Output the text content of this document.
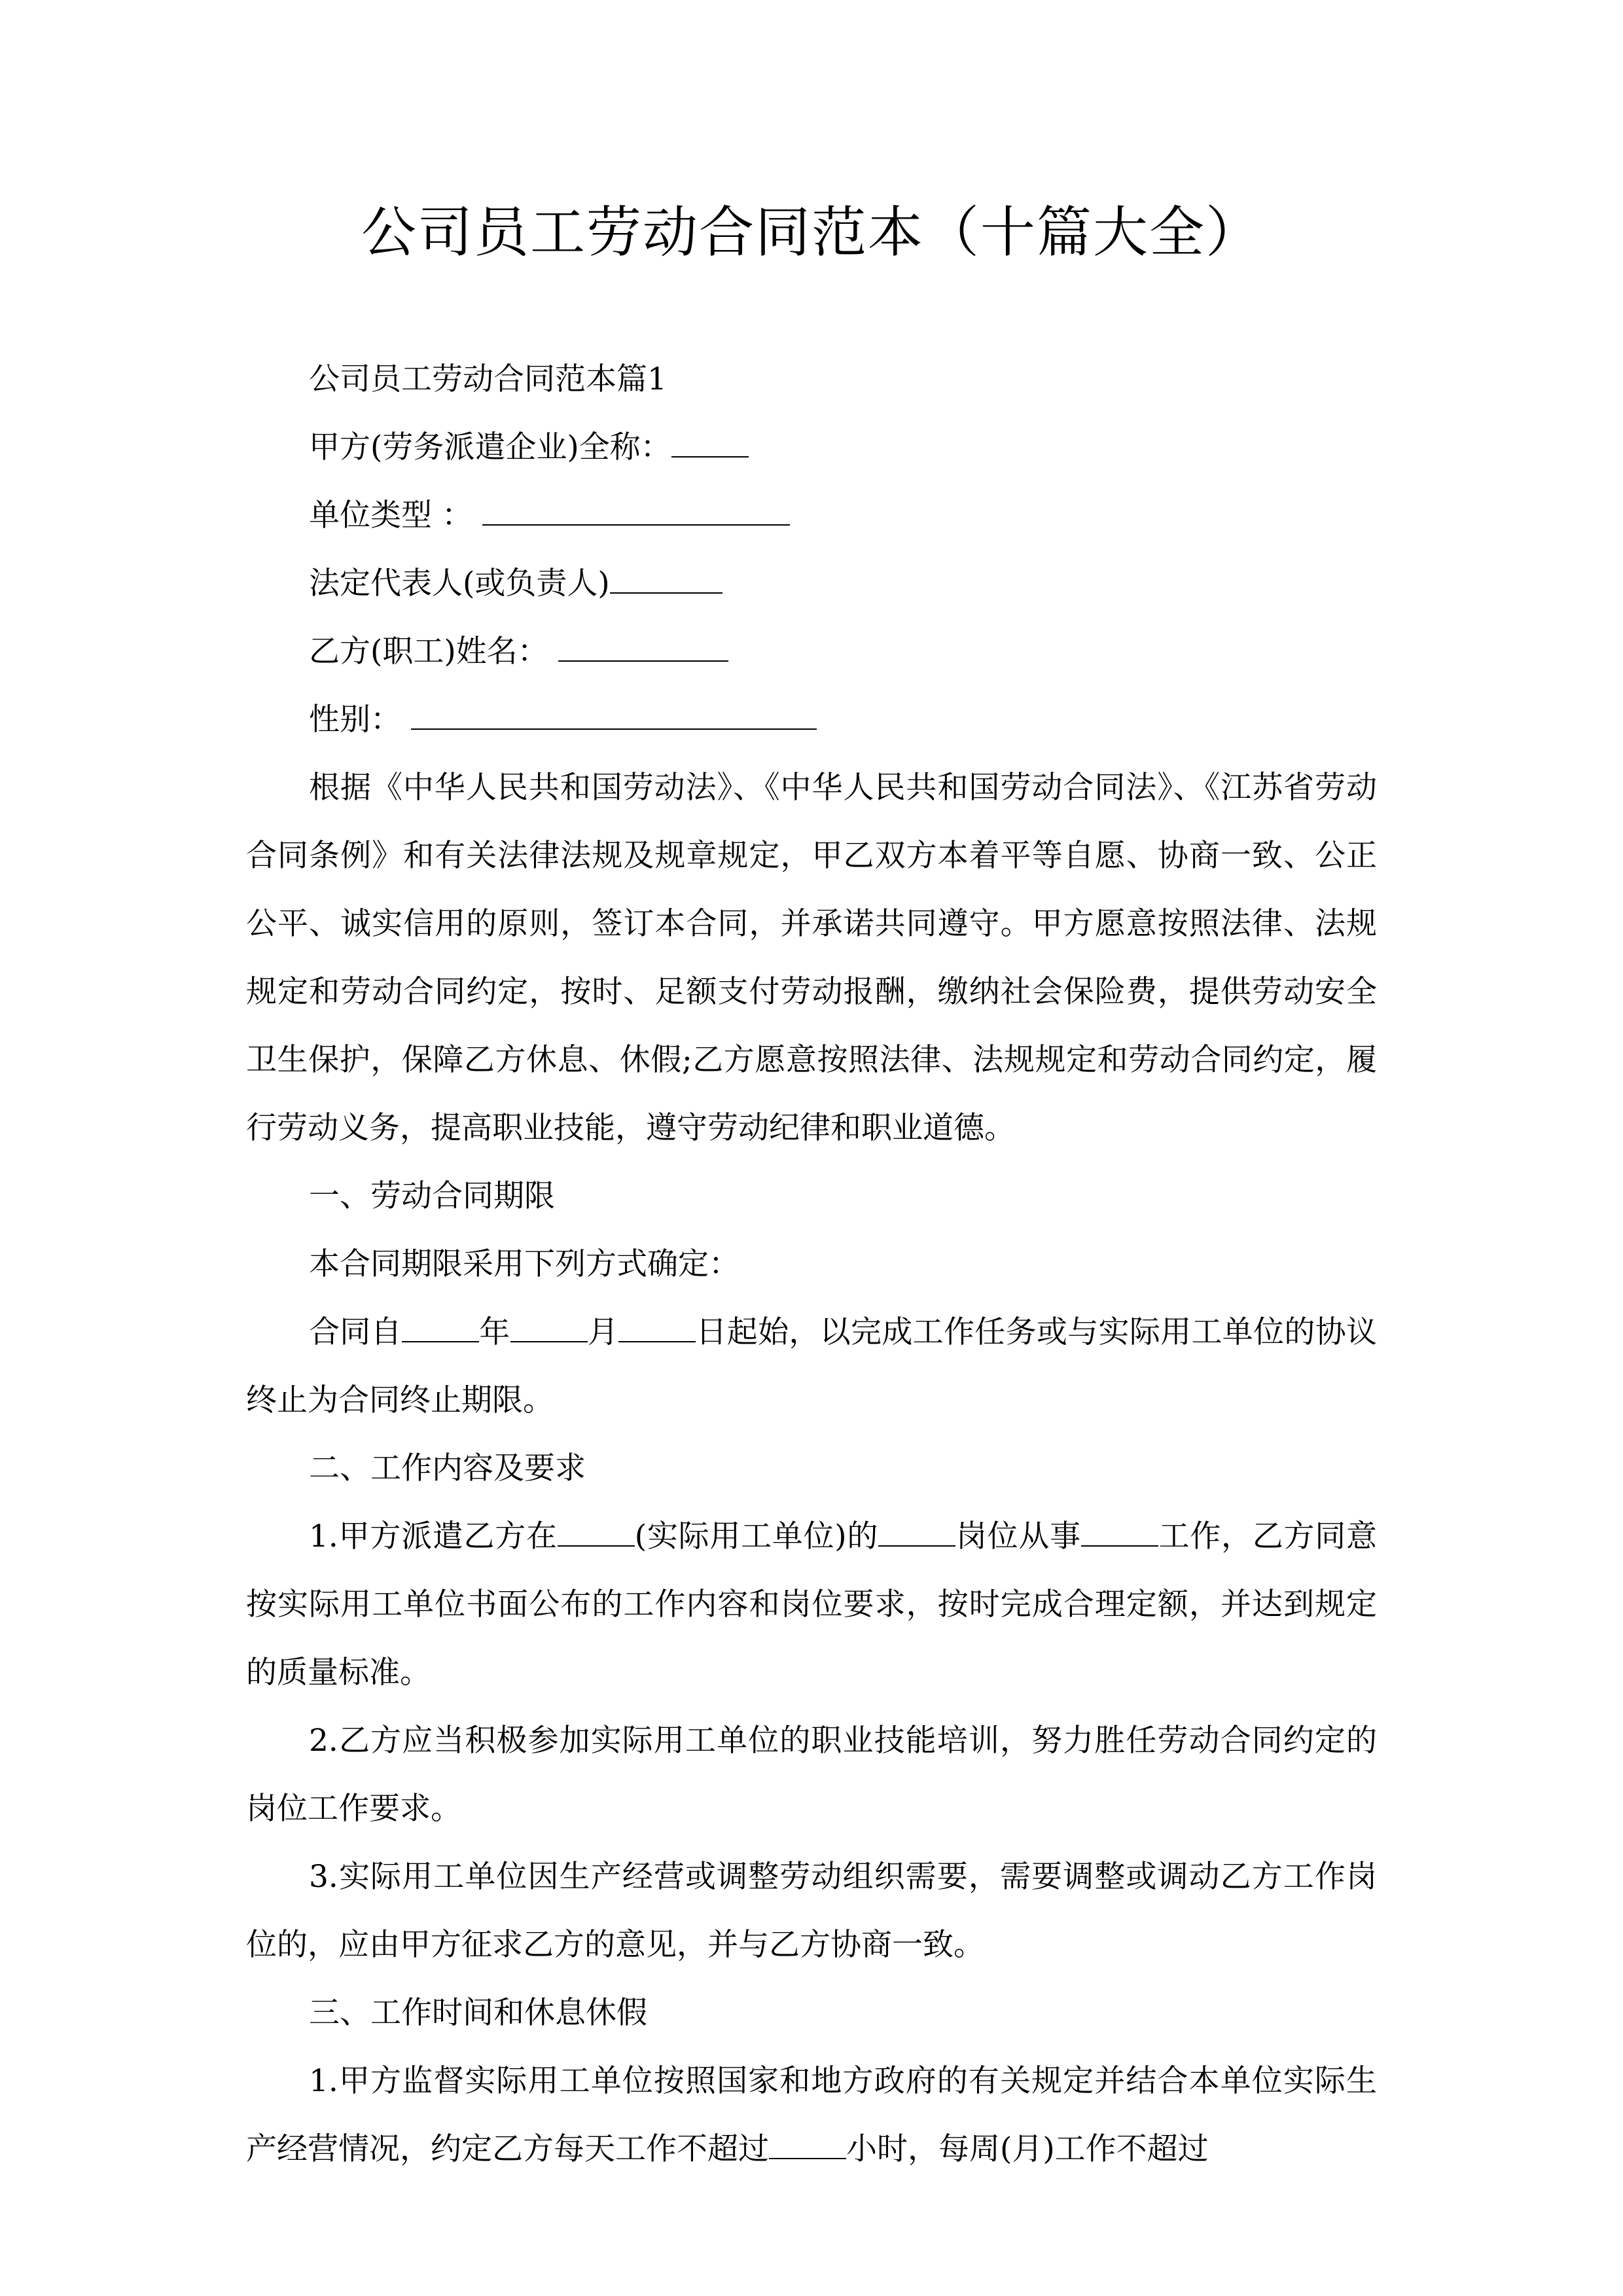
公司员工劳动合同范本（十篇大全）

公司员工劳动合同范本篇1

甲方(劳务派遣企业)全称：

单位类型 ：

法定代表人(或负责人)

乙方(职工)姓名：

性别：

根据《中华人民共和国劳动法》、《中华人民共和国劳动合同法》、《江苏省劳动合同条例》和有关法律法规及规章规定，甲乙双方本着平等自愿、协商一致、公正公平、诚实信用的原则，签订本合同，并承诺共同遵守。甲方愿意按照法律、法规规定和劳动合同约定，按时、足额支付劳动报酬，缴纳社会保险费，提供劳动安全卫生保护，保障乙方休息、休假;乙方愿意按照法律、法规规定和劳动合同约定，履行劳动义务，提高职业技能，遵守劳动纪律和职业道德。

一、劳动合同期限

本合同期限采用下列方式确定：

合同自	年	月	日起始，以完成工作任务或与实际用工单位的协议终止为合同终止期限。

二、工作内容及要求

1.甲方派遣乙方在	(实际用工单位)的	岗位从事	工作，乙方同意按实际用工单位书面公布的工作内容和岗位要求，按时完成合理定额，并达到规定的质量标准。

2.乙方应当积极参加实际用工单位的职业技能培训，努力胜任劳动合同约定的岗位工作要求。

3.实际用工单位因生产经营或调整劳动组织需要，需要调整或调动乙方工作岗位的，应由甲方征求乙方的意见，并与乙方协商一致。

三、工作时间和休息休假

1.甲方监督实际用工单位按照国家和地方政府的有关规定并结合本单位实际生产经营情况，约定乙方每天工作不超过	小时，每周(月)工作不超过
